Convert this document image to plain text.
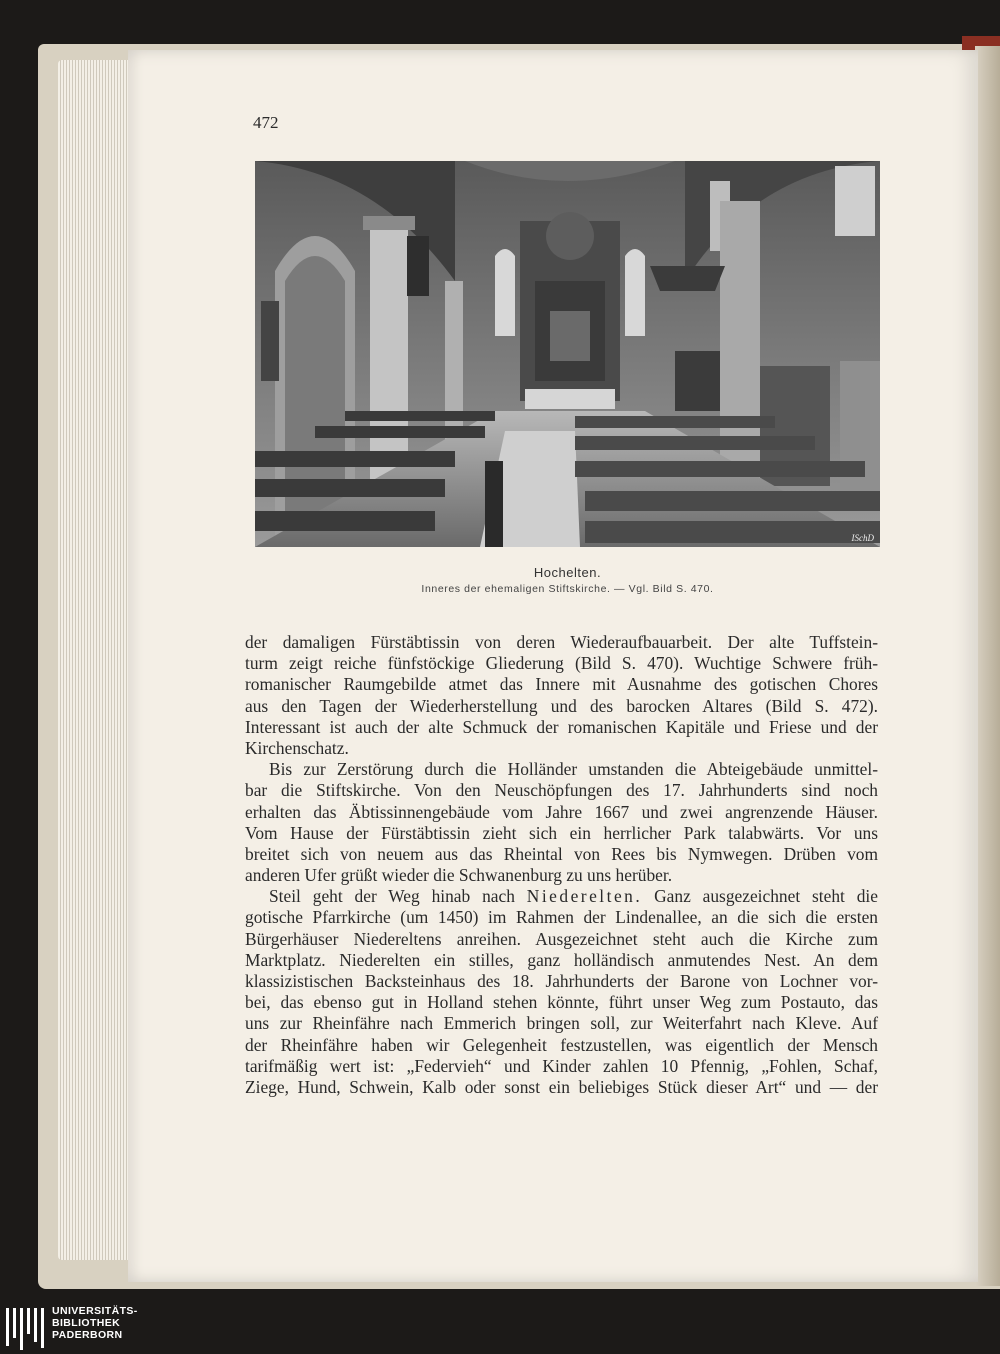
472
ISchD
Hochelten.
Inneres der ehemaligen Stiftskirche. — Vgl. Bild S. 470.
der damaligen Fürstäbtissin von deren Wiederaufbauarbeit. Der alte Tuffstein-
turm zeigt reiche fünfstöckige Gliederung (Bild S. 470). Wuchtige Schwere früh-
romanischer Raumgebilde atmet das Innere mit Ausnahme des gotischen Chores
aus den Tagen der Wiederherstellung und des barocken Altares (Bild S. 472).
Interessant ist auch der alte Schmuck der romanischen Kapitäle und Friese und der
Kirchenschatz.
Bis zur Zerstörung durch die Holländer umstanden die Abteigebäude unmittel-
bar die Stiftskirche. Von den Neuschöpfungen des 17. Jahrhunderts sind noch
erhalten das Äbtissinnengebäude vom Jahre 1667 und zwei angrenzende Häuser.
Vom Hause der Fürstäbtissin zieht sich ein herrlicher Park talabwärts. Vor uns
breitet sich von neuem aus das Rheintal von Rees bis Nymwegen. Drüben vom
anderen Ufer grüßt wieder die Schwanenburg zu uns herüber.
Steil geht der Weg hinab nach Niederelten. Ganz ausgezeichnet steht die
gotische Pfarrkirche (um 1450) im Rahmen der Lindenallee, an die sich die ersten
Bürgerhäuser Niedereltens anreihen. Ausgezeichnet steht auch die Kirche zum
Marktplatz. Niederelten ein stilles, ganz holländisch anmutendes Nest. An dem
klassizistischen Backsteinhaus des 18. Jahrhunderts der Barone von Lochner vor-
bei, das ebenso gut in Holland stehen könnte, führt unser Weg zum Postauto, das
uns zur Rheinfähre nach Emmerich bringen soll, zur Weiterfahrt nach Kleve. Auf
der Rheinfähre haben wir Gelegenheit festzustellen, was eigentlich der Mensch
tarifmäßig wert ist: „Federvieh“ und Kinder zahlen 10 Pfennig, „Fohlen, Schaf,
Ziege, Hund, Schwein, Kalb oder sonst ein beliebiges Stück dieser Art“ und — der
UNIVERSITÄTS-
BIBLIOTHEK
PADERBORN
